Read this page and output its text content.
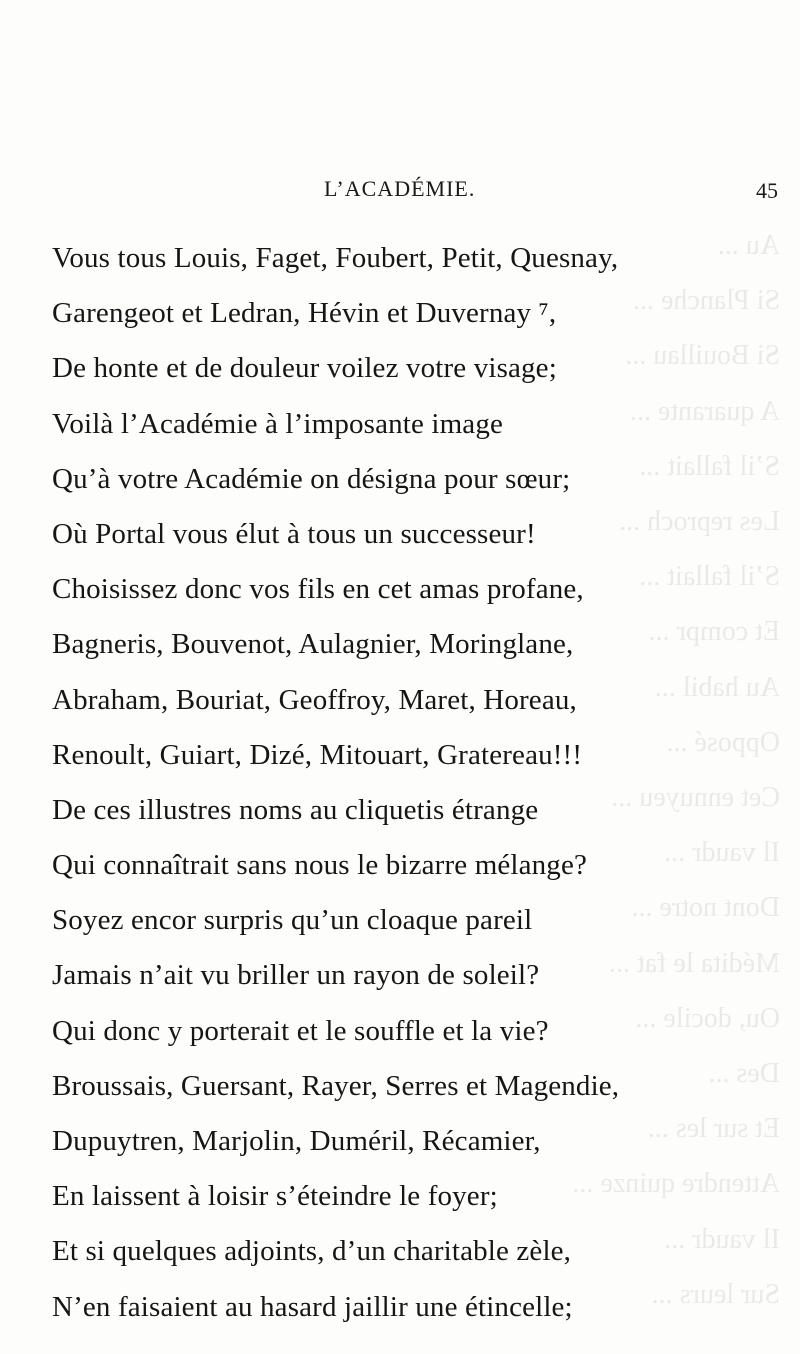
Au ...
Si Planche ...
Si Bouillau ...
A quarante ...
S’il fallait ...
Les reproch ...
S’il fallait ...
Et compr ...
Au habil ...
Opposé ...
Cet ennuyeu ...
Il vaudr ...
Dont notre ...
Médita le fat ...
Ou, docile ...
Des ...
Et sur les ...
Attendre quinze ...
Il vaudr ...
Sur leurs ...
L’ACADÉMIE.	45
Vous tous Louis, Faget, Foubert, Petit, Quesnay,
Garengeot et Ledran, Hévin et Duvernay ⁷,
De honte et de douleur voilez votre visage;
Voilà l’Académie à l’imposante image
Qu’à votre Académie on désigna pour sœur;
Où Portal vous élut à tous un successeur!
Choisissez donc vos fils en cet amas profane,
Bagneris, Bouvenot, Aulagnier, Moringlane,
Abraham, Bouriat, Geoffroy, Maret, Horeau,
Renoult, Guiart, Dizé, Mitouart, Gratereau!!!
De ces illustres noms au cliquetis étrange
Qui connaîtrait sans nous le bizarre mélange?
Soyez encor surpris qu’un cloaque pareil
Jamais n’ait vu briller un rayon de soleil?
Qui donc y porterait et le souffle et la vie?
Broussais, Guersant, Rayer, Serres et Magendie,
Dupuytren, Marjolin, Duméril, Récamier,
En laissent à loisir s’éteindre le foyer;
Et si quelques adjoints, d’un charitable zèle,
N’en faisaient au hasard jaillir une étincelle;
